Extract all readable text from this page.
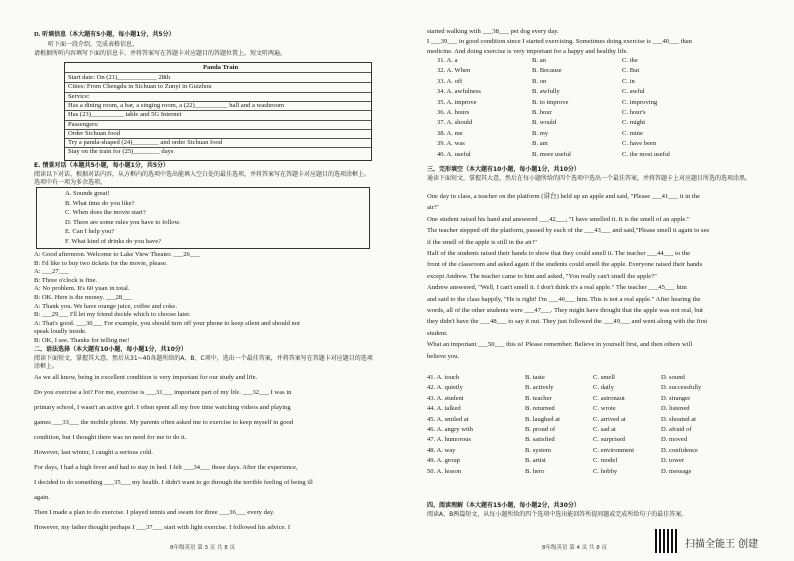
D. 听填信息（本大题有5小题，每小题1分，共5分）
听下面一段介绍，完成表格信息。
请根据所听内容填写下面的信息卡，并将答案写在答题卡对应题目的答题位置上。短文听两遍。
Panda Train
Start date: On (21)____________ 28th
Cities: From Chengdu in Sichuan to Zunyi in Guizhou
Service:
Has a dining room, a bar, a singing room, a (22)__________ hall and a washroom
Has (23)__________ table and 5G Internet
Passengers:
Order Sichuan food
Try a panda-shaped (24)________ and order Sichuan food
Stay on the train for (25)________ days
E. 情景对话（本题共5小题，每小题1分，共5分）
阅读以下对话，根据对话内容，从方框内的选项中选出能填入空白处的最佳选项，并将答案写在答题卡对应题目的选项涂框上。选项中有一项为多余选项。
A. Sounds great!
B. What time do you like?
C. When does the movie start?
D. There are some rules you have to follow.
E. Can I help you?
F. What kind of drinks do you have?
A: Good afternoon. Welcome to Lake View Theater. ___26___
B: I'd like to buy two tickets for the movie, please.
A: ___27___
B: Three o'clock is fine.
A: No problem. It's 60 yuan in total.
B: OK. Here is the money. ___28___
A: Thank you. We have orange juice, coffee and coke.
B: ___29___ I'll let my friend decide which to choose later.
A: That's good. ___30___ For example, you should turn off your phone to keep silent and should not
speak loudly inside.
B: OK, I see. Thanks for telling me!
二、语法选择（本大题有10小题，每小题1分，共10分）
阅读下面短文，掌握其大意，然后从31~40各题所给的A、B、C项中，选出一个最佳答案，并将答案写在答题卡对应题目的选项涂框上。
As we all know, being in excellent condition is very important for our study and life.
Do you exercise a lot? For me, exercise is ___31___ important part of my life. ___32___ I was in
primary school, I wasn't an active girl. I often spent all my free time watching videos and playing
games ___33___ the mobile phone. My parents often asked me to exercise to keep myself in good
condition, but I thought there was no need for me to do it.
However, last winter, I caught a serious cold.
For days, I had a high fever and had to stay in bed. I felt ___34___ those days. After the experience,
I decided to do something ___35___ my health. I didn't want to go through the terrible feeling of being ill
again.
Then I made a plan to do exercise. I played tennis and swam for three ___36___ every day.
However, my father thought perhaps I ___37___ start with light exercise. I followed his advice. I
8年级英语 第 3 页 共 8 页
started walking with ___38___ pet dog every day.
I ___39___ in good condition since I started exercising. Sometimes doing exercise is ___40___ than
medicine. And doing exercise is very important for a happy and healthy life.
31. A. a	B. an	C. the
32. A. When	B. Because	C. But
33. A. off	B. on	C. in
34. A. awfulness	B. awfully	C. awful
35. A. improve	B. to improve	C. improving
36. A. hours	B. hour	C. hour's
37. A. should	B. would	C. might
38. A. me	B. my	C. mine
39. A. was	B. am	C. have been
40. A. useful	B. more useful	C. the most useful
三、完形填空（本大题有10小题，每小题1分，共10分）
通读下面短文，掌握其大意，然后在每小题所给的四个选项中选出一个最佳答案，并将答题卡上对应题目所选的选项涂黑。
One day in class, a teacher on the platform (讲台) held up an apple and said, "Please ___41___ it in the
air!"
One student raised his hand and answered ___42___, "I have smelled it. It is the smell of an apple."
The teacher stepped off the platform, passed by each of the ___43___ and said,"Please smell it again to see
if the smell of the apple is still in the air!"
Half of the students raised their hands to show that they could smell it. The teacher ___44___ to the
front of the classroom and asked again if the students could smell the apple. Everyone raised their hands
except Andrew. The teacher came to him and asked, "You really can't smell the apple?"
Andrew answered, "Well, I can't smell it. I don't think it's a real apple." The teacher ___45___ him
and said to the class happily, "He is right! I'm ___46___ him. This is not a real apple." After hearing the
words, all of the other students were ___47___. They might have thought that the apple was not real, but
they didn't have the ___48___ to say it out. They just followed the ___49___ and went along with the first
student.
What an important ___50___ this is! Please remember: Believe in yourself first, and then others will
believe you.
41. A. touch	B. taste	C. smell	D. sound
42. A. quietly	B. actively	C. daily	D. successfully
43. A. student	B. teacher	C. astronaut	D. stranger
44. A. talked	B. returned	C. wrote	D. listened
45. A. smiled at	B. laughed at	C. arrived at	D. shouted at
46. A. angry with	B. proud of	C. sad at	D. afraid of
47. A. humorous	B. satisfied	C. surprised	D. moved
48. A. way	B. system	C. environment	D. confidence
49. A. group	B. artist	C. model	D. tower
50. A. lesson	B. hero	C. hobby	D. message
四、阅读理解（本大题有15小题，每小题2分，共30分）
阅读A、B两篇短文，从每小题所给的四个选项中选出能回答所提问题或完成所给句子的最佳答案。
8年级英语 第 4 页 共 8 页	扫描全能王 创建
